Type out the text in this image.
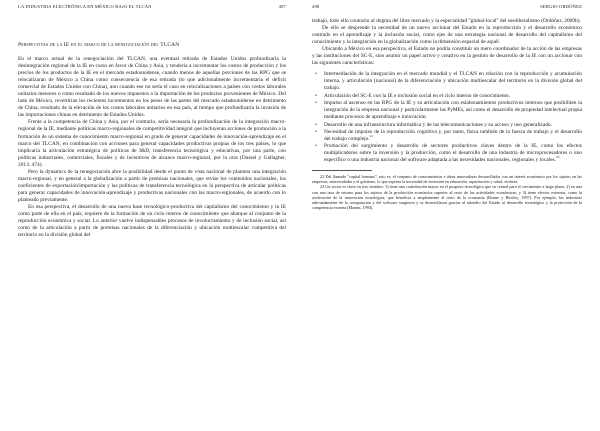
LA INDUSTRIA ELECTRÓNICA EN MÉXICO BAJO EL TLCAN	497
Perspectivas de la IE en el marco de la renegociación del TLCAN

En el marco actual de la renegociación del TLCAN, una eventual retirada de Estados Unidos profundizaría la desintegración regional de la IE en curso en favor de China y Asia, y tendería a incrementar los costos de producción y los precios de los productos de la IE en el mercado estadounidense, cuando menos de aquellas porciones de las RPG que se relocalizaran de México a China como consecuencia de esa retirada (lo que adicionalmente incrementaría el déficit comercial de Estados Unidos con China), aun cuando ese no sería el caso en relocalizaciones a países con costos laborales unitarios menores o como resultado de los nuevos impuestos a la importación de los productos provenientes de México. Del lado de México, revertirían los recientes incrementos en los pesos de las partes del mercado estadounidense en detrimento de China, resultado de la elevación de los costos laborales unitarios en esa país, al tiempo que profundizaría la invasión de las importaciones chinas en detrimento de Estados Unidos.

Frente a la competencia de China y Asia, por el contrario, sería necesaria la profundización de la integración macro-regional de la IE, mediante políticas macro-regionales de competitividad integral que incluyeran acciones de promoción a la formación de un sistema de conocimiento macro-regional en grado de generar capacidades de innovación-aprendizaje en el marco del TLCAN, en combinación con acciones para generar capacidades productivas propias de los tres países, lo que implicaría la articulación estratégica de políticas de I&D, transferencia tecnológica y educativas, por una parte, con políticas industriales, comerciales, fiscales y de incentivos de alcance macro-regional, por la otra (Dussel y Gallagher, 2013: 474).

Pero la dynamics de la renegociación abre la posibilidad desde el punto de vista nacional de plantear una integración macro-regional, y en general a la globalización a partir de premisas nacionales, que revise los contenidos nacionales, los coeficientes de exportación/importación y las políticas de transferencia tecnológica en la perspectiva de articular políticas para generar capacidades de innovación-aprendizaje y productivas nacionales con las macro-regionales, de acuerdo con lo planteado previamente.

En esa perspectiva, el desarrollo de una nueva base tecnológico-productiva del capitalismo del conocimiento y la IE como parte de ella en el país, requiere de la formación de un ciclo interno de conocimiento que abarque al conjunto de la reproducción económica y social. Lo anterior vuelve indispensables procesos de involucramiento y de inclusión social, así como de la articulación a partir de premisas nacionales de la diferenciación y ubicación multiescalar competitiva del territorio en la división global del

498	SERGIO ORDÓÑEZ

trabajo, todo ello contrario al dogma del libre mercado y la especialidad "global-local" del neoliberalismo (Ordóñez, 2009b).

De ello se desprende la necesidad de un nuevo accionar del Estado en la reproducción y el desarrollo económico centrado en el aprendizaje y la inclusión social, como ejes de una estrategia nacional de desarrollo del capitalismo del conocimiento y la integración en la globalización como la dimensión espacial de aquél.

Ubicando a México en esa perspectiva, el Estado no podría constituir un mero coordinador de la acción de las empresas y las instituciones del SC-E, sino asumir un papel activo y creativo en la gestión de desarrollo de la IE con un accionar con las siguientes características:

• Intermediación de la integración en el mercado mundial y el TLCAN en relación con la reproducción y acumulación interna, y articulación (nacional) de la diferenciación y ubicación multiescalar del territorio en la división global del trabajo.
• Articulación del SC-E con la IE e inclusión social en el ciclo interno de conocimiento.
• Impulso al ascenso en las RPG de la IE y su articulación con eslabonamientos productivos internos que posibiliten la integración de la empresa nacional y particularmente las PyMEs, así como el desarrollo de propiedad intelectual propia mediante procesos de aprendizaje e innovación.
• Desarrollo de una infraestructura informática y de las telecomunicaciones y su acceso y uso generalizado.
• Necesidad de impulso de la reproducción cognitiva y, por tanto, física también de la fuerza de trabajo y el desarrollo del trabajo complejo.$^{22}$
• Promoción del surgimiento y desarrollo de sectores productivos claves dentro de la IE, como los efectos multiplicadores sobre la inversión y la producción, como el desarrollo de una industria de microprocesadores o uno específico o una industria nacional del software adaptada a las necesidades nacionales, regionales y locales.$^{23}$

22 Del llamado "capital humano", esto es, el conjunto de conocimientos e ideas innovadoras desarrollados con un interés económico por los sujetos en las empresas, universidades y el gobierno, lo que expresa la necesidad de inversión en educación, capacitación y salud, etcétera.

23 Un sector es clave en tres sentidos: 1) tiene una contribución mayor en el progreso tecnológico que su central para el crecimiento a largo plazo; 2) en una con una tasa de retorno para los sujetos de la producción económica superior al resto de las actividades económicas; y 3) tiene efectos externos, como la aceleración de la innovación tecnológica, que beneficia a ampliamente al resto de la economía (Bonne y Bewley, 1997). Por ejemplo, las industrias adecuadamente de la computación y del software surgieron y se desarrollaron gracias al subsidio del Estado al desarrollo tecnológico y la protección de la competencia externa (Mamm, 1993).
